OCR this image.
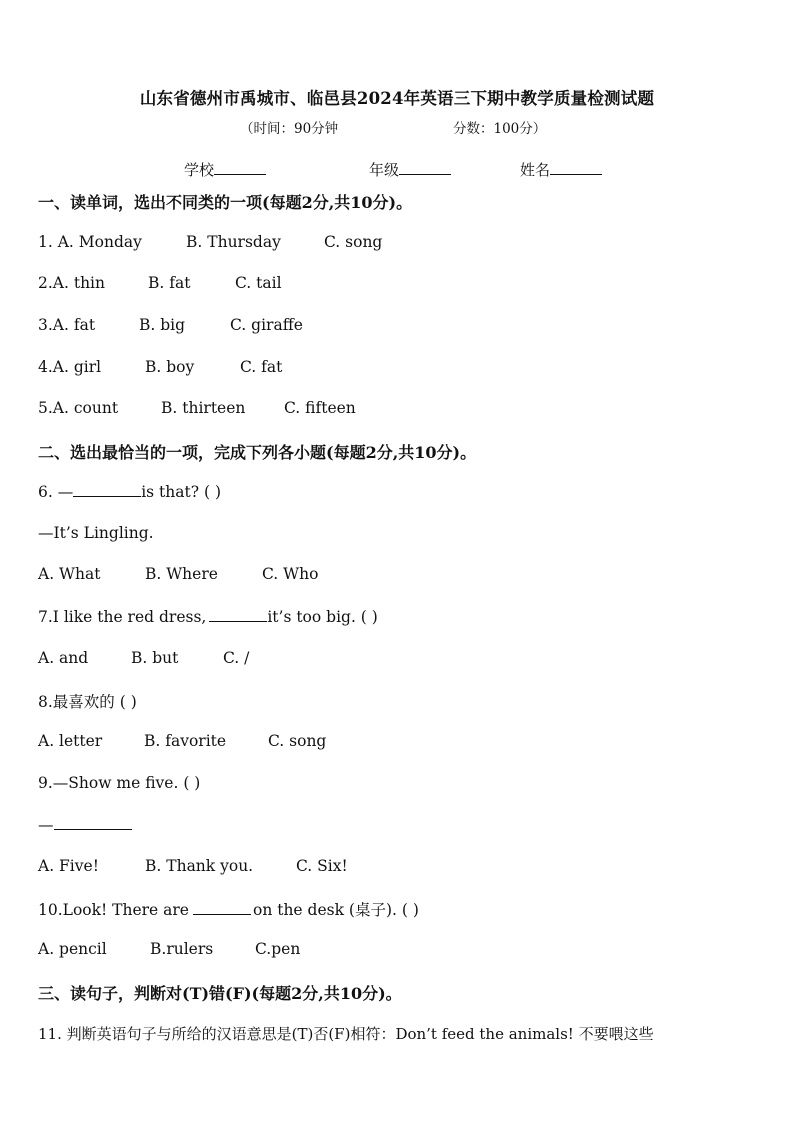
山东省德州市禹城市、临邑县2024年英语三下期中教学质量检测试题
（时间：90分钟	分数：100分）
学校	年级	姓名
一、读单词，选出不同类的一项(每题2分,共10分)。
1. A. Monday	B. Thursday	C. song
2.A. thin	B. fat	C. tail
3.A. fat	B. big	C. giraffe
4.A. girl	B. boy	C. fat
5.A. count	B. thirteen C. fifteen
二、选出最恰当的一项，完成下列各小题(每题2分,共10分)。
6. —	is that? ( )
—It’s Lingling.
A. What	B. Where	C. Who
7.I like the red dress,	it’s too big. ( )
A. and	B. but	C. /
8.最喜欢的 ( )
A. letter	B. favorite	C. song
9.—Show me five. ( )
—
A. Five!	B. Thank you.	C. Six!
10.Look! There are	on the desk (桌子). ( )
A. pencil	B.rulers	C.pen
三、读句子，判断对(T)错(F)(每题2分,共10分)。
11. 判断英语句子与所给的汉语意思是(T)否(F)相符：Don’t feed the animals! 不要喂这些
